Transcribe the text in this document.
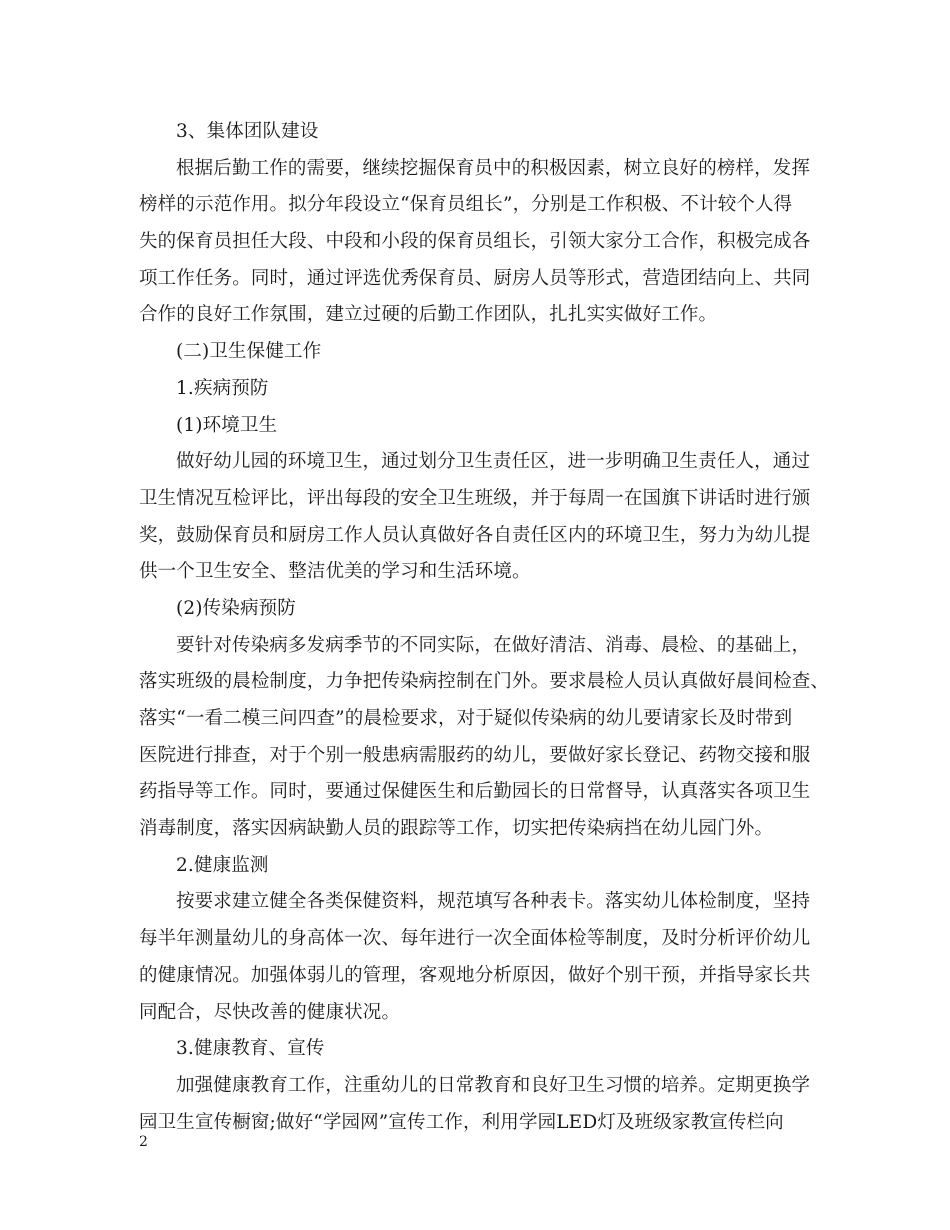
3、集体团队建设
根据后勤工作的需要，继续挖掘保育员中的积极因素，树立良好的榜样，发挥
榜样的示范作用。拟分年段设立“保育员组长”，分别是工作积极、不计较个人得
失的保育员担任大段、中段和小段的保育员组长，引领大家分工合作，积极完成各
项工作任务。同时，通过评选优秀保育员、厨房人员等形式，营造团结向上、共同
合作的良好工作氛围，建立过硬的后勤工作团队，扎扎实实做好工作。
(二)卫生保健工作
1.疾病预防
(1)环境卫生
做好幼儿园的环境卫生，通过划分卫生责任区，进一步明确卫生责任人，通过
卫生情况互检评比，评出每段的安全卫生班级，并于每周一在国旗下讲话时进行颁
奖，鼓励保育员和厨房工作人员认真做好各自责任区内的环境卫生，努力为幼儿提
供一个卫生安全、整洁优美的学习和生活环境。
(2)传染病预防
要针对传染病多发病季节的不同实际，在做好清洁、消毒、晨检、的基础上，
落实班级的晨检制度，力争把传染病控制在门外。要求晨检人员认真做好晨间检查、
落实“一看二模三问四查”的晨检要求，对于疑似传染病的幼儿要请家长及时带到
医院进行排查，对于个别一般患病需服药的幼儿，要做好家长登记、药物交接和服
药指导等工作。同时，要通过保健医生和后勤园长的日常督导，认真落实各项卫生
消毒制度，落实因病缺勤人员的跟踪等工作，切实把传染病挡在幼儿园门外。
2.健康监测
按要求建立健全各类保健资料，规范填写各种表卡。落实幼儿体检制度，坚持
每半年测量幼儿的身高体一次、每年进行一次全面体检等制度，及时分析评价幼儿
的健康情况。加强体弱儿的管理，客观地分析原因，做好个别干预，并指导家长共
同配合，尽快改善的健康状况。
3.健康教育、宣传
加强健康教育工作，注重幼儿的日常教育和良好卫生习惯的培养。定期更换学
园卫生宣传橱窗;做好“学园网”宣传工作，利用学园LED灯及班级家教宣传栏向
2
